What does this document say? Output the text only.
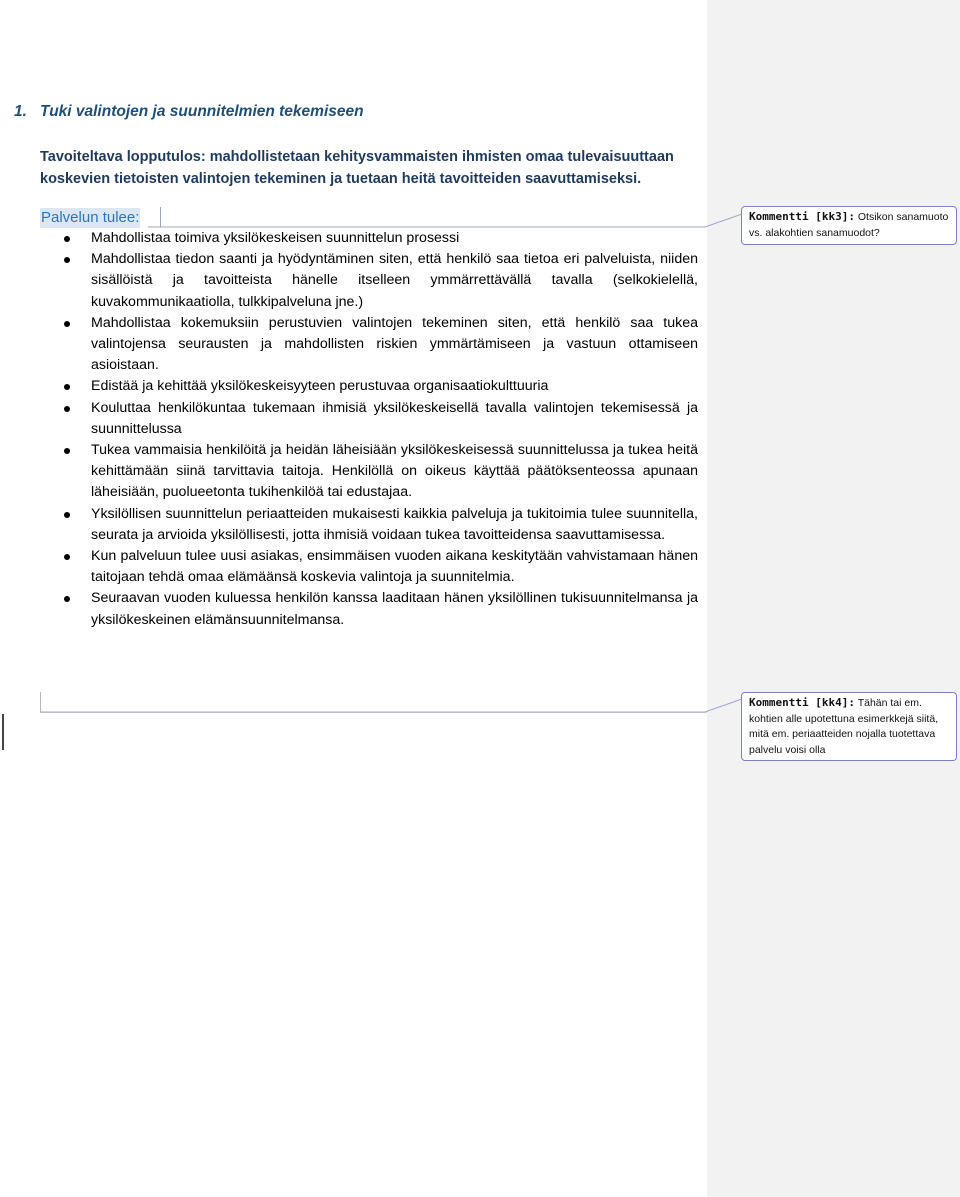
1. Tuki valintojen ja suunnitelmien tekemiseen
Tavoiteltava lopputulos: mahdollistetaan kehitysvammaisten ihmisten omaa tulevaisuuttaan koskevien tietoisten valintojen tekeminen ja tuetaan heitä tavoitteiden saavuttamiseksi.
Palvelun tulee:
Mahdollistaa toimiva yksilökeskeisen suunnittelun prosessi
Mahdollistaa tiedon saanti ja hyödyntäminen siten, että henkilö saa tietoa eri palveluista, niiden sisällöistä ja tavoitteista hänelle itselleen ymmärrettävällä tavalla (selkokielellä, kuvakommunikaatiolla, tulkkipalveluna jne.)
Mahdollistaa kokemuksiin perustuvien valintojen tekeminen siten, että henkilö saa tukea valintojensa seurausten ja mahdollisten riskien ymmärtämiseen ja vastuun ottamiseen asioistaan.
Edistää ja kehittää yksilökeskeisyyteen perustuvaa organisaatiokulttuuria
Kouluttaa henkilökuntaa tukemaan ihmisiä yksilökeskeisellä tavalla valintojen tekemisessä ja suunnittelussa
Tukea vammaisia henkilöitä ja heidän läheisiään yksilökeskeisessä suunnittelussa ja tukea heitä kehittämään siinä tarvittavia taitoja. Henkilöllä on oikeus käyttää päätöksenteossa apunaan läheisiään, puolueetonta tukihenkilöä tai edustajaa.
Yksilöllisen suunnittelun periaatteiden mukaisesti kaikkia palveluja ja tukitoimia tulee suunnitella, seurata ja arvioida yksilöllisesti, jotta ihmisiä voidaan tukea tavoitteidensa saavuttamisessa.
Kun palveluun tulee uusi asiakas, ensimmäisen vuoden aikana keskitytään vahvistamaan hänen taitojaan tehdä omaa elämäänsä koskevia valintoja ja suunnitelmia.
Seuraavan vuoden kuluessa henkilön kanssa laaditaan hänen yksilöllinen tukisuunnitelmansa ja yksilökeskeinen elämänsuunnitelmansa.
Kommentti [kk3]: Otsikon sanamuoto vs. alakohtien sanamuodot?
Kommentti [kk4]: Tähän tai em. kohtien alle upotettuna esimerkkejä siitä, mitä em. periaatteiden nojalla tuotettava palvelu voisi olla
